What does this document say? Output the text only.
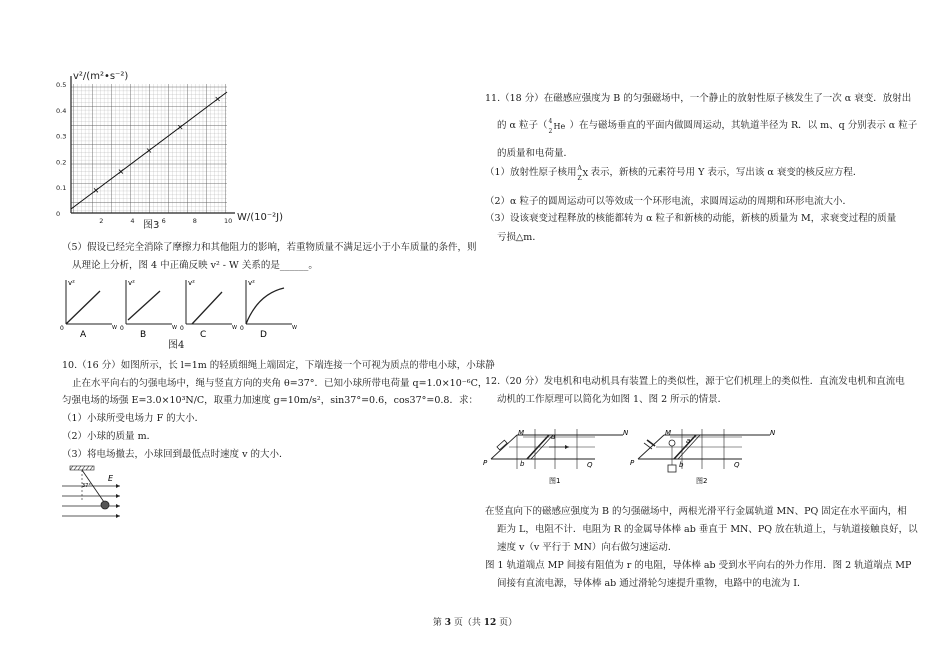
0.5
0.4
0.3
0.2
0.1
0
2	4	6	8	10
v²/(m²•s⁻²)
W/(10⁻²J)
图3
（5）假设已经完全消除了摩擦力和其他阻力的影响，若重物质量不满足远小于小车质量的条件，则
从理论上分析，图 4 中正确反映 v² - W 关系的是______。
v²
W
0
A
v²
W
0
B
v²
W
0
C
v²
W
0
D
图4
10.（16 分）如图所示，长 l=1m 的轻质细绳上端固定，下端连接一个可视为质点的带电小球，小球静
止在水平向右的匀强电场中，绳与竖直方向的夹角 θ=37°．已知小球所带电荷量 q=1.0×10⁻⁶C，
匀强电场的场强 E=3.0×10³N/C，取重力加速度 g=10m/s²，sin37°=0.6，cos37°=0.8．求：
（1）小球所受电场力 F 的大小．
（2）小球的质量 m．
（3）将电场撤去，小球回到最低点时速度 v 的大小．
E
37°
11.（18 分）在磁感应强度为 B 的匀强磁场中，一个静止的放射性原子核发生了一次 α 衰变．放射出
的 α 粒子（ 4
2
He ）在与磁场垂直的平面内做圆周运动，其轨道半径为 R．以 m、q 分别表示 α 粒子
的质量和电荷量．
（1）放射性原子核用 A
Z
X 表示，新核的元素符号用 Y 表示，写出该 α 衰变的核反应方程．
（2）α 粒子的圆周运动可以等效成一个环形电流，求圆周运动的周期和环形电流大小．
（3）设该衰变过程释放的核能都转为 α 粒子和新核的动能，新核的质量为 M，求衰变过程的质量
亏损△m．
12.（20 分）发电机和电动机具有装置上的类似性，源于它们机理上的类似性．直流发电机和直流电
动机的工作原理可以简化为如图 1、图 2 所示的情景．
M	N
P	Q
a
b
图1
M	N
P	Q
a
b
图2
在竖直向下的磁感应强度为 B 的匀强磁场中，两根光滑平行金属轨道 MN、PQ 固定在水平面内，相
距为 L，电阻不计．电阻为 R 的金属导体棒 ab 垂直于 MN、PQ 放在轨道上，与轨道接触良好，以
速度 v（v 平行于 MN）向右做匀速运动．
图 1 轨道端点 MP 间接有阻值为 r 的电阻，导体棒 ab 受到水平向右的外力作用．图 2 轨道端点 MP
间接有直流电源，导体棒 ab 通过滑轮匀速提升重物，电路中的电流为 I．
第 3 页（共 12 页）
